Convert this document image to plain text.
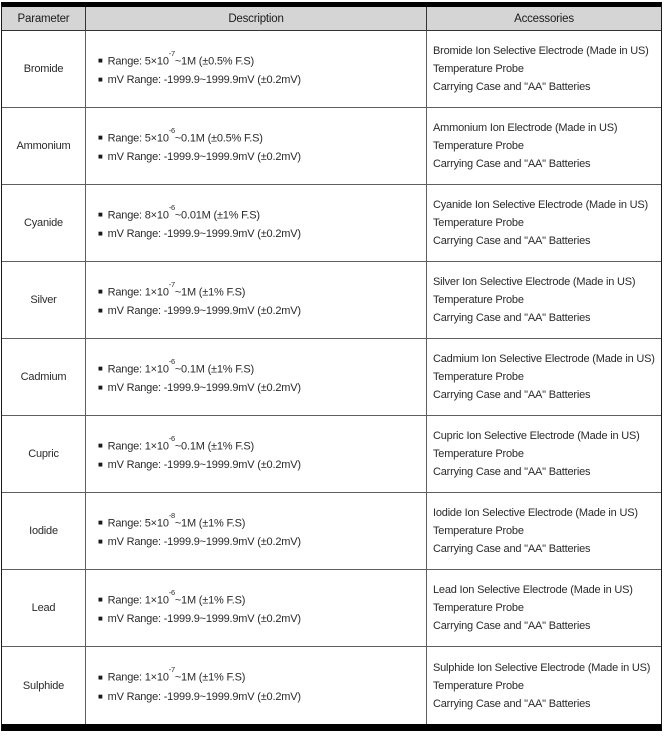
Parameter	Description	Accessories
Bromide
■ Range: $5\times 10^{-7}\sim 1M$ (±0.5% F.S)
■ mV Range: -1999.9~1999.9mV (±0.2mV)
Bromide Ion Selective Electrode (Made in US)
Temperature Probe
Carrying Case and "AA" Batteries
Ammonium
■ Range: $5\times 10^{-6}\sim 0.1M$ (±0.5% F.S)
■ mV Range: -1999.9~1999.9mV (±0.2mV)
Ammonium Ion Electrode (Made in US)
Temperature Probe
Carrying Case and "AA" Batteries
Cyanide
■ Range: $8\times 10^{-6}\sim 0.01M$ (±1% F.S)
■ mV Range: -1999.9~1999.9mV (±0.2mV)
Cyanide Ion Selective Electrode (Made in US)
Temperature Probe
Carrying Case and "AA" Batteries
Silver
■ Range: $1\times 10^{-7}\sim 1M$ (±1% F.S)
■ mV Range: -1999.9~1999.9mV (±0.2mV)
Silver Ion Selective Electrode (Made in US)
Temperature Probe
Carrying Case and "AA" Batteries
Cadmium
■ Range: $1\times 10^{-6}\sim 0.1M$ (±1% F.S)
■ mV Range: -1999.9~1999.9mV (±0.2mV)
Cadmium Ion Selective Electrode (Made in US)
Temperature Probe
Carrying Case and "AA" Batteries
Cupric
■ Range: $1\times 10^{-6}\sim 0.1M$ (±1% F.S)
■ mV Range: -1999.9~1999.9mV (±0.2mV)
Cupric Ion Selective Electrode (Made in US)
Temperature Probe
Carrying Case and "AA" Batteries
Iodide
■ Range: $5\times 10^{-8}\sim 1M$ (±1% F.S)
■ mV Range: -1999.9~1999.9mV (±0.2mV)
Iodide Ion Selective Electrode (Made in US)
Temperature Probe
Carrying Case and "AA" Batteries
Lead
■ Range: $1\times 10^{-6}\sim 1M$ (±1% F.S)
■ mV Range: -1999.9~1999.9mV (±0.2mV)
Lead Ion Selective Electrode (Made in US)
Temperature Probe
Carrying Case and "AA" Batteries
Sulphide
■ Range: $1\times 10^{-7}\sim 1M$ (±1% F.S)
■ mV Range: -1999.9~1999.9mV (±0.2mV)
Sulphide Ion Selective Electrode (Made in US)
Temperature Probe
Carrying Case and "AA" Batteries
